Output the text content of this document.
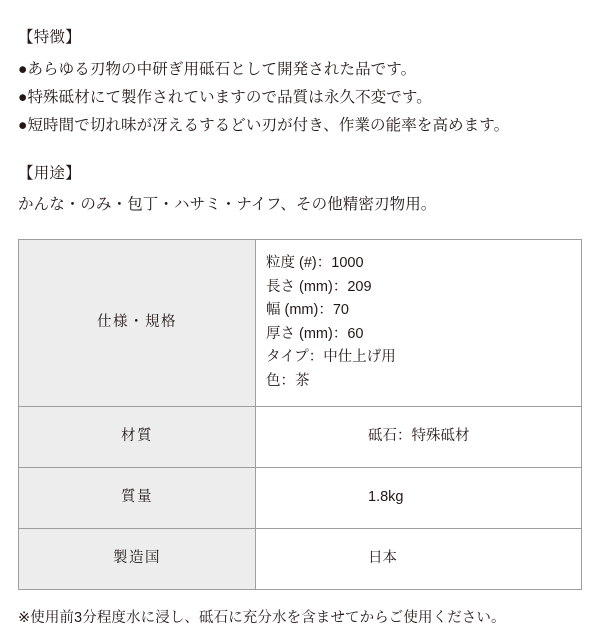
【特徴】

●あらゆる刃物の中研ぎ用砥石として開発された品です。
●特殊砥材にて製作されていますので品質は永久不変です。
●短時間で切れ味が冴えるするどい刃が付き、作業の能率を高めます。

【用途】

かんな・のみ・包丁・ハサミ・ナイフ、その他精密刃物用。

仕様・規格	
粒度 (#)：1000
長さ (mm)：209
幅 (mm)：70
厚さ (mm)：60
タイプ：中仕上げ用
色：茶

材質	砥石：特殊砥材
質量	1.8kg
製造国	日本

※使用前3分程度水に浸し、砥石に充分水を含ませてからご使用ください。
